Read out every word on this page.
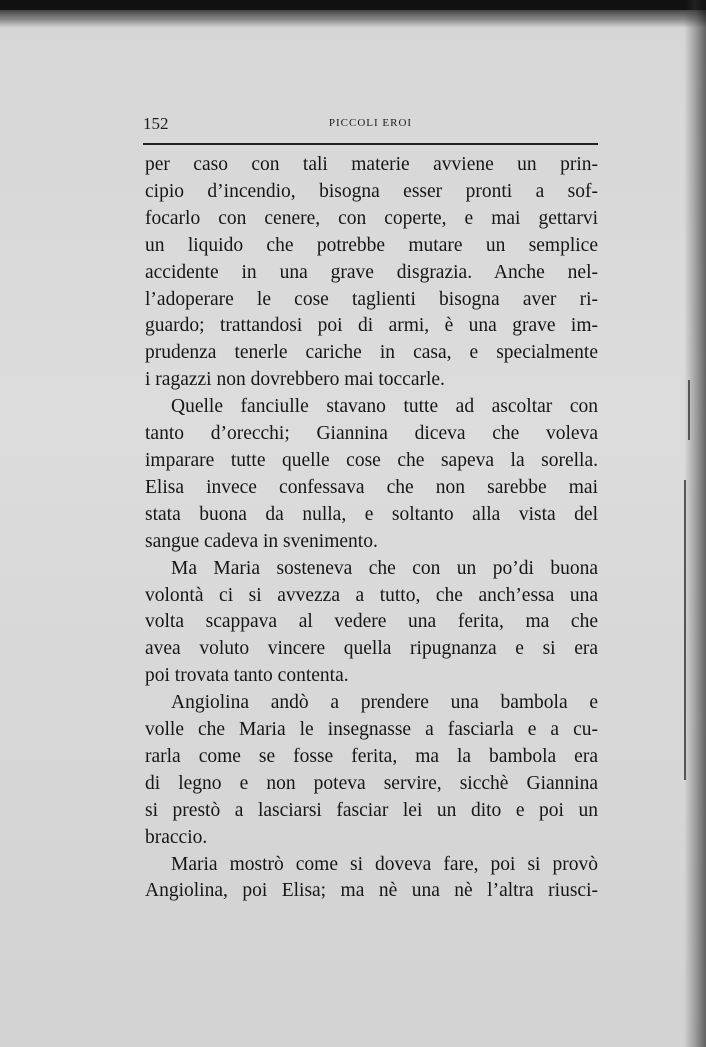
152	PICCOLI EROI
per caso con tali materie avviene un prin-
cipio d’incendio, bisogna esser pronti a sof-
focarlo con cenere, con coperte, e mai gettarvi
un liquido che potrebbe mutare un semplice
accidente in una grave disgrazia. Anche nel-
l’adoperare le cose taglienti bisogna aver ri-
guardo; trattandosi poi di armi, è una grave im-
prudenza tenerle cariche in casa, e specialmente
i ragazzi non dovrebbero mai toccarle.
Quelle fanciulle stavano tutte ad ascoltar con
tanto d’orecchi; Giannina diceva che voleva
imparare tutte quelle cose che sapeva la sorella.
Elisa invece confessava che non sarebbe mai
stata buona da nulla, e soltanto alla vista del
sangue cadeva in svenimento.
Ma Maria sosteneva che con un po’di buona
volontà ci si avvezza a tutto, che anch’essa una
volta scappava al vedere una ferita, ma che
avea voluto vincere quella ripugnanza e si era
poi trovata tanto contenta.
Angiolina andò a prendere una bambola e
volle che Maria le insegnasse a fasciarla e a cu-
rarla come se fosse ferita, ma la bambola era
di legno e non poteva servire, sicchè Giannina
si prestò a lasciarsi fasciar lei un dito e poi un
braccio.
Maria mostrò come si doveva fare, poi si provò
Angiolina, poi Elisa; ma nè una nè l’altra riusci-
